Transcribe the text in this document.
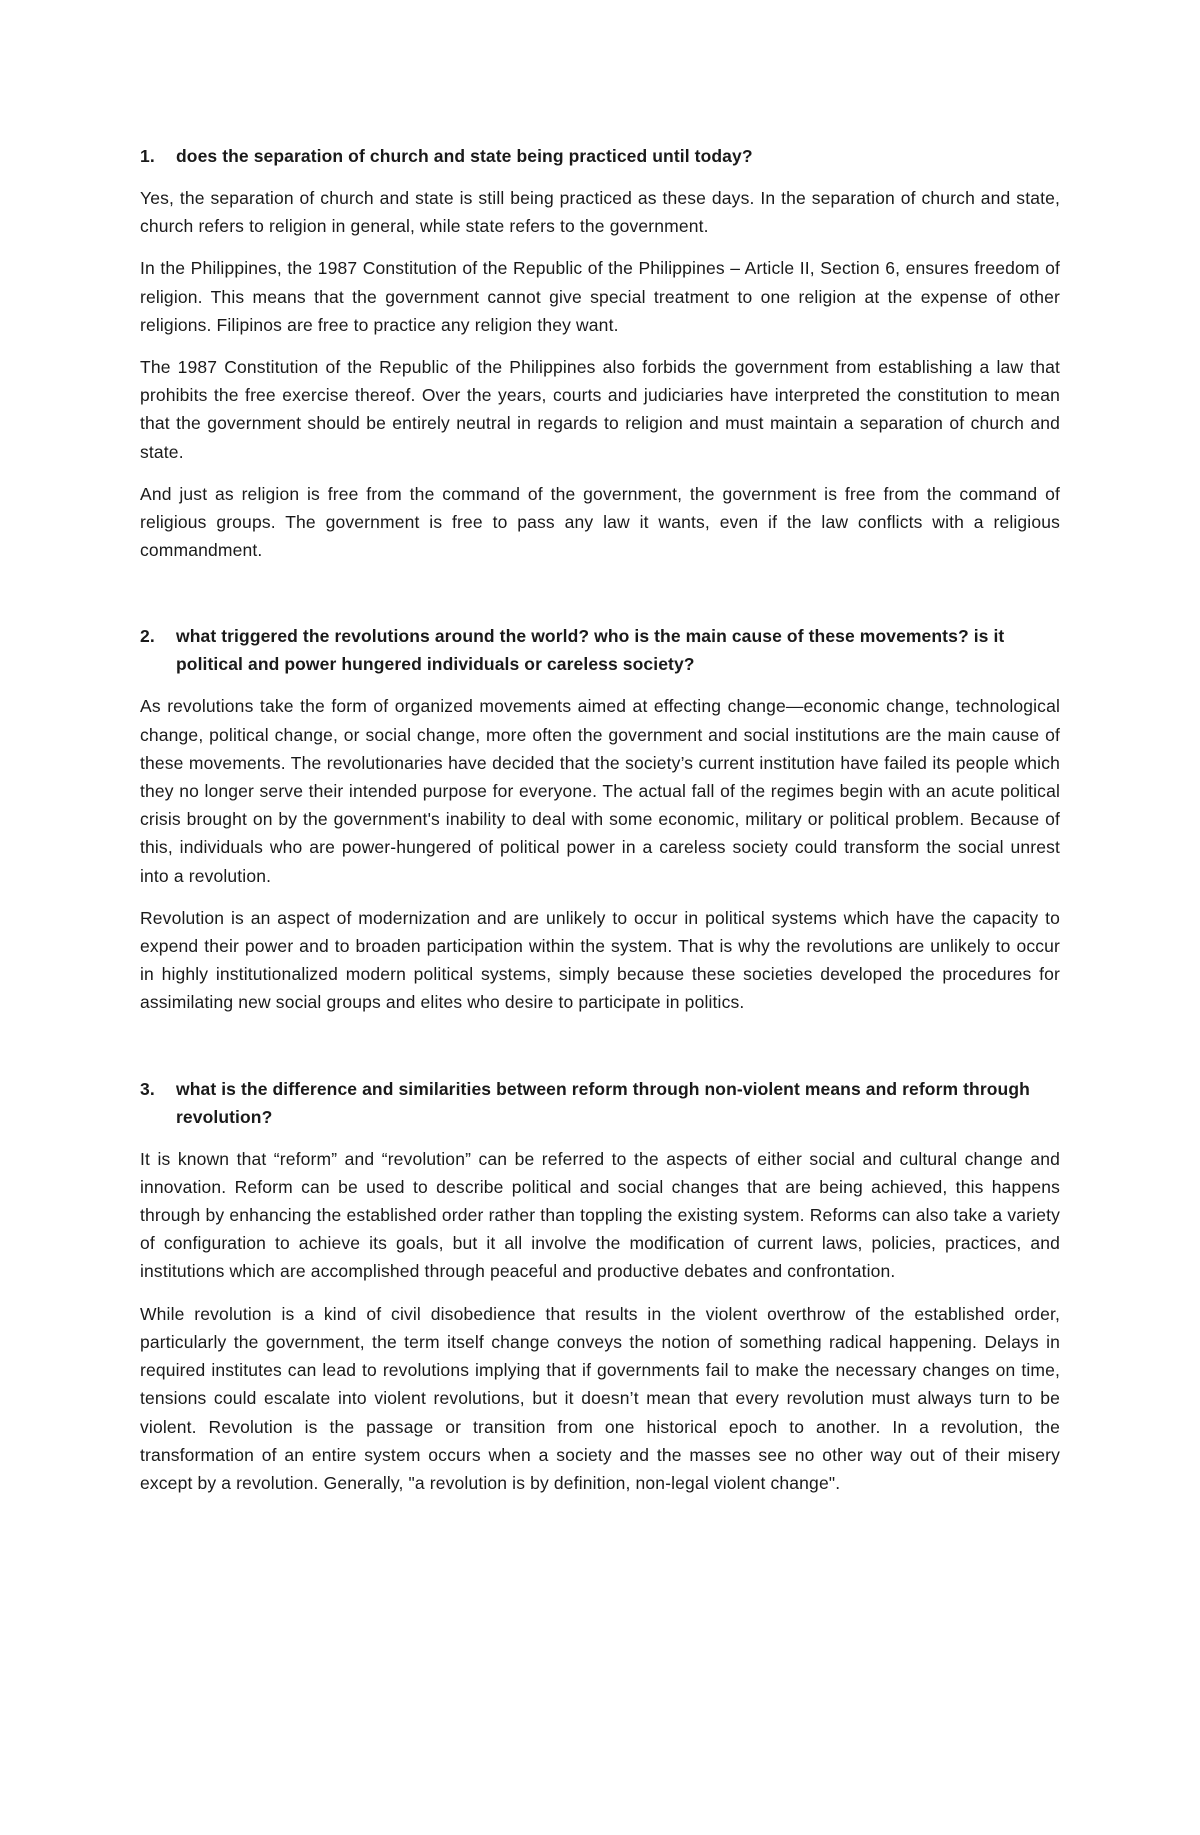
1.	does the separation of church and state being practiced until today?

Yes, the separation of church and state is still being practiced as these days. In the separation of church and state, church refers to religion in general, while state refers to the government.

In the Philippines, the 1987 Constitution of the Republic of the Philippines – Article II, Section 6, ensures freedom of religion. This means that the government cannot give special treatment to one religion at the expense of other religions. Filipinos are free to practice any religion they want.

The 1987 Constitution of the Republic of the Philippines also forbids the government from establishing a law that prohibits the free exercise thereof. Over the years, courts and judiciaries have interpreted the constitution to mean that the government should be entirely neutral in regards to religion and must maintain a separation of church and state.

And just as religion is free from the command of the government, the government is free from the command of religious groups. The government is free to pass any law it wants, even if the law conflicts with a religious commandment.

2.	what triggered the revolutions around the world? who is the main cause of these movements? is it political and power hungered individuals or careless society?

As revolutions take the form of organized movements aimed at effecting change—economic change, technological change, political change, or social change, more often the government and social institutions are the main cause of these movements. The revolutionaries have decided that the society’s current institution have failed its people which they no longer serve their intended purpose for everyone. The actual fall of the regimes begin with an acute political crisis brought on by the government's inability to deal with some economic, military or political problem. Because of this, individuals who are power-hungered of political power in a careless society could transform the social unrest into a revolution.

Revolution is an aspect of modernization and are unlikely to occur in political systems which have the capacity to expend their power and to broaden participation within the system. That is why the revolutions are unlikely to occur in highly institutionalized modern political systems, simply because these societies developed the procedures for assimilating new social groups and elites who desire to participate in politics.

3.	what is the difference and similarities between reform through non-violent means and reform through revolution?

It is known that “reform” and “revolution” can be referred to the aspects of either social and cultural change and innovation. Reform can be used to describe political and social changes that are being achieved, this happens through by enhancing the established order rather than toppling the existing system. Reforms can also take a variety of configuration to achieve its goals, but it all involve the modification of current laws, policies, practices, and institutions which are accomplished through peaceful and productive debates and confrontation.

While revolution is a kind of civil disobedience that results in the violent overthrow of the established order, particularly the government, the term itself change conveys the notion of something radical happening. Delays in required institutes can lead to revolutions implying that if governments fail to make the necessary changes on time, tensions could escalate into violent revolutions, but it doesn’t mean that every revolution must always turn to be violent. Revolution is the passage or transition from one historical epoch to another. In a revolution, the transformation of an entire system occurs when a society and the masses see no other way out of their misery except by a revolution. Generally, "a revolution is by definition, non-legal violent change".
